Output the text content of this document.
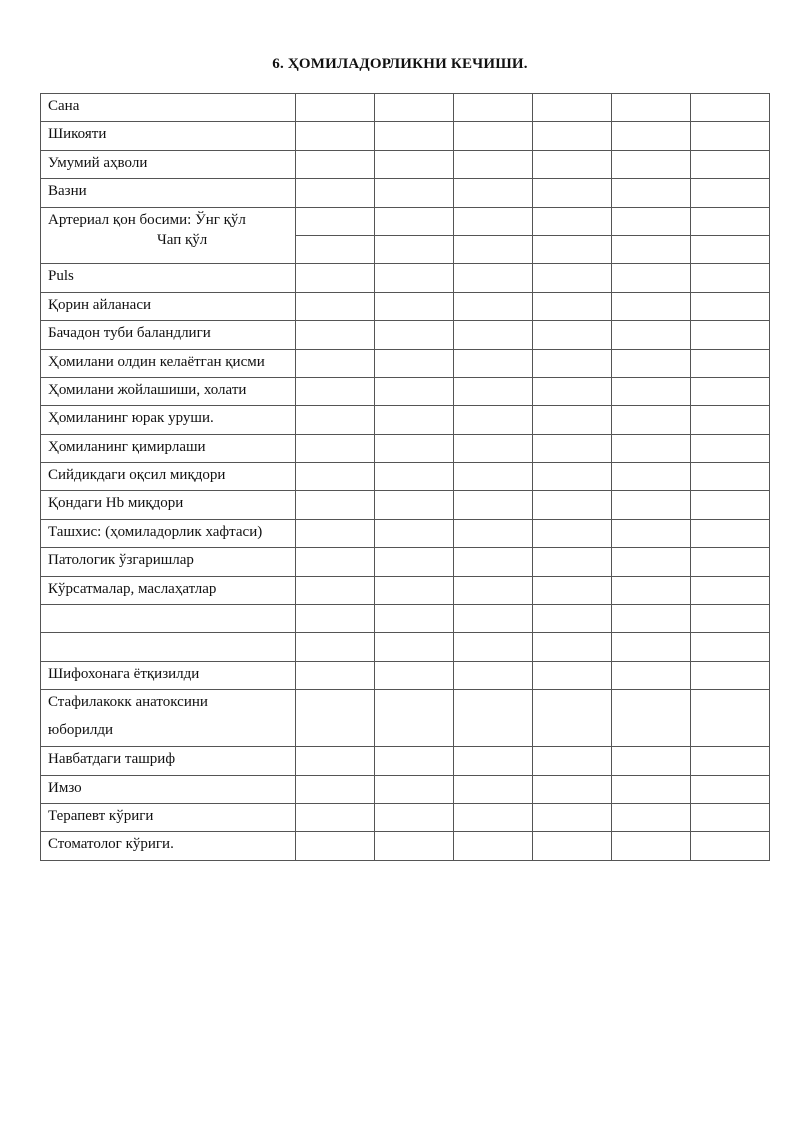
6. ҲОМИЛАДОРЛИКНИ КЕЧИШИ.
Сана						

Шикояти						

Умумий аҳволи						

Вазни						

Артериал қон босими: Ўнг қўл
Чап қўл						

Puls						

Қорин айланаси						

Бачадон туби баландлиги						

Ҳомилани олдин келаётган қисми						

Ҳомилани жойлашиши, холати						

Ҳомиланинг юрак уруши.						

Ҳомиланинг қимирлаши						

Сийдикдаги оқсил миқдори						

Қондаги Hb миқдори						

Ташхис: (ҳомиладорлик хафтаси)						

Патологик ўзгаришлар						

Кўрсатмалар, маслаҳатлар						

Шифохонага ётқизилди						

Стафилакокк анатоксини
юборилди						

Навбатдаги ташриф						

Имзо						

Терапевт кўриги						

Стоматолог кўриги.						
